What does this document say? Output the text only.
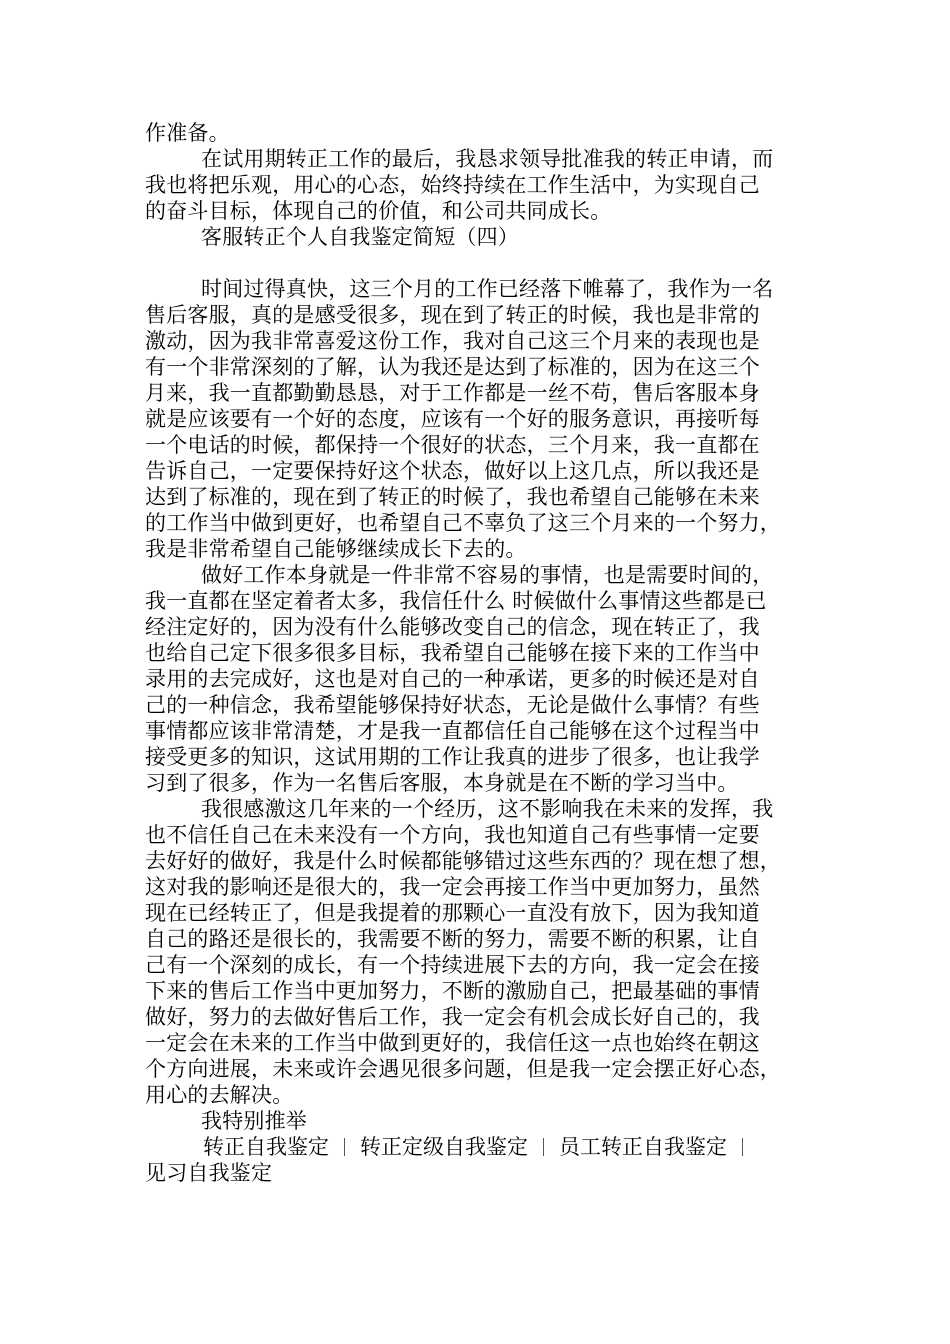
作准备。
在试用期转正工作的最后，我恳求领导批准我的转正申请，而
我也将把乐观，用心的心态，始终持续在工作生活中，为实现自己
的奋斗目标，体现自己的价值，和公司共同成长。
客服转正个人自我鉴定简短（四）
时间过得真快，这三个月的工作已经落下帷幕了，我作为一名
售后客服，真的是感受很多，现在到了转正的时候，我也是非常的
激动，因为我非常喜爱这份工作，我对自己这三个月来的表现也是
有一个非常深刻的了解，认为我还是达到了标准的，因为在这三个
月来，我一直都勤勤恳恳，对于工作都是一丝不苟，售后客服本身
就是应该要有一个好的态度，应该有一个好的服务意识，再接听每
一个电话的时候，都保持一个很好的状态，三个月来，我一直都在
告诉自己，一定要保持好这个状态，做好以上这几点，所以我还是
达到了标准的，现在到了转正的时候了，我也希望自己能够在未来
的工作当中做到更好，也希望自己不辜负了这三个月来的一个努力，
我是非常希望自己能够继续成长下去的。
做好工作本身就是一件非常不容易的事情，也是需要时间的，
我一直都在坚定着者太多，我信任什么 时候做什么事情这些都是已
经注定好的，因为没有什么能够改变自己的信念，现在转正了，我
也给自己定下很多很多目标，我希望自己能够在接下来的工作当中
录用的去完成好，这也是对自己的一种承诺，更多的时候还是对自
己的一种信念，我希望能够保持好状态，无论是做什么事情？有些
事情都应该非常清楚，才是我一直都信任自己能够在这个过程当中
接受更多的知识，这试用期的工作让我真的进步了很多，也让我学
习到了很多，作为一名售后客服，本身就是在不断的学习当中。
我很感激这几年来的一个经历，这不影响我在未来的发挥，我
也不信任自己在未来没有一个方向，我也知道自己有些事情一定要
去好好的做好，我是什么时候都能够错过这些东西的？现在想了想，
这对我的影响还是很大的，我一定会再接工作当中更加努力，虽然
现在已经转正了，但是我提着的那颗心一直没有放下，因为我知道
自己的路还是很长的，我需要不断的努力，需要不断的积累，让自
己有一个深刻的成长，有一个持续进展下去的方向，我一定会在接
下来的售后工作当中更加努力，不断的激励自己，把最基础的事情
做好，努力的去做好售后工作，我一定会有机会成长好自己的，我
一定会在未来的工作当中做到更好的，我信任这一点也始终在朝这
个方向进展，未来或许会遇见很多问题，但是我一定会摆正好心态，
用心的去解决。
我特别推举
转正自我鉴定 转正定级自我鉴定 员工转正自我鉴定
见习自我鉴定
